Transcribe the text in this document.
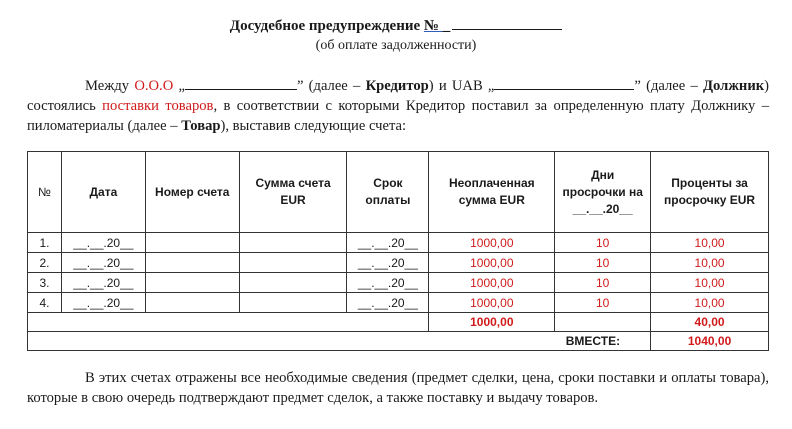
Досудебное предупреждение № _
(об оплате задолженности)
Между О.О.О „	” (далее – Кредитор) и UAB „	” (далее – Должник) состоялись поставки товаров, в соответствии с которыми Кредитор поставил за определенную плату Должнику – пиломатериалы (далее – Товар), выставив следующие счета:
№	Дата	Номер счета	Сумма счета EUR	Срок оплаты	Неоплаченная сумма EUR	Дни просрочки на __.__.20__	Проценты за просрочку EUR
1.	__.__.20__			__.__.20__	1000,00	10	10,00
2.	__.__.20__			__.__.20__	1000,00	10	10,00
3.	__.__.20__			__.__.20__	1000,00	10	10,00
4.	__.__.20__			__.__.20__	1000,00	10	10,00
					1000,00		40,00
ВМЕСТЕ:							1040,00
В этих счетах отражены все необходимые сведения (предмет сделки, цена, сроки поставки и оплаты товара), которые в свою очередь подтверждают предмет сделок, а также поставку и выдачу товаров.
